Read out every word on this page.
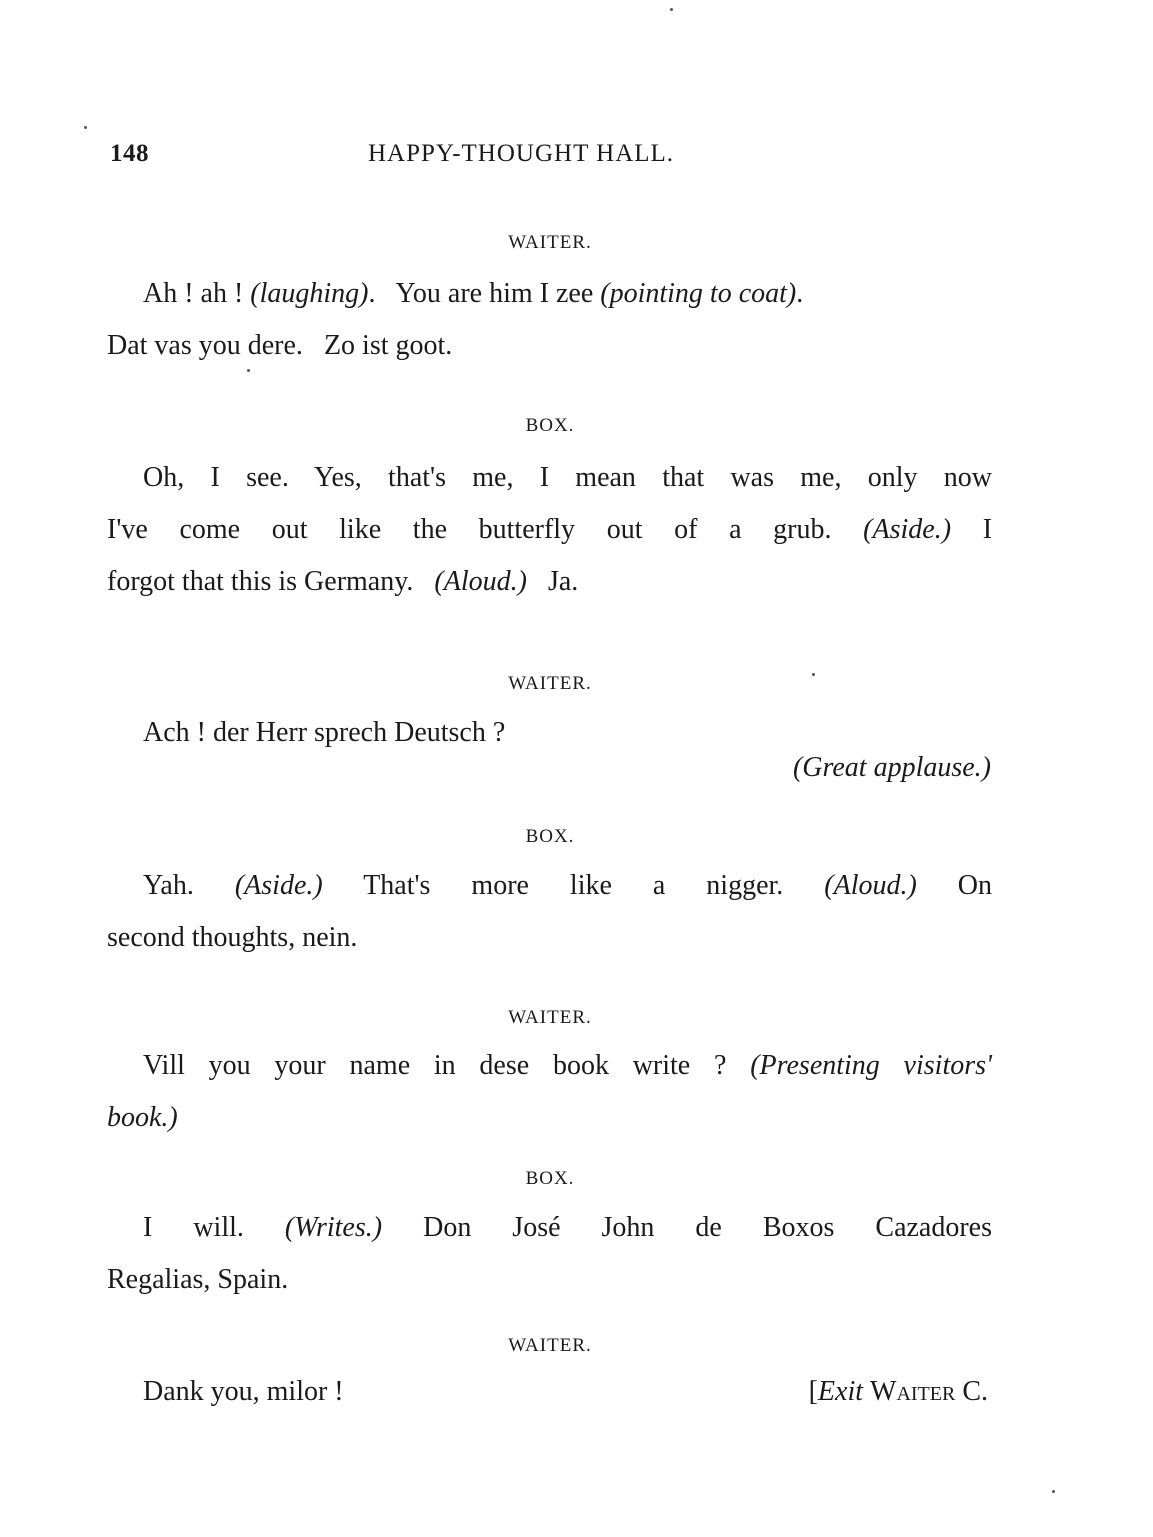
148	HAPPY-THOUGHT HALL.
WAITER.
Ah ! ah ! (laughing). You are him I zee (pointing to coat).
Dat vas you dere. Zo ist goot.
BOX.
Oh, I see. Yes, that's me, I mean that was me, only now
I've come out like the butterfly out of a grub. (Aside.) I
forgot that this is Germany. (Aloud.) Ja.
WAITER.
Ach ! der Herr sprech Deutsch ?
(Great applause.)
BOX.
Yah. (Aside.) That's more like a nigger. (Aloud.) On
second thoughts, nein.
WAITER.
Vill you your name in dese book write ? (Presenting visitors'
book.)
BOX.
I will. (Writes.) Don José John de Boxos Cazadores
Regalias, Spain.
WAITER.
Dank you, milor !	[Exit Waiter C.
